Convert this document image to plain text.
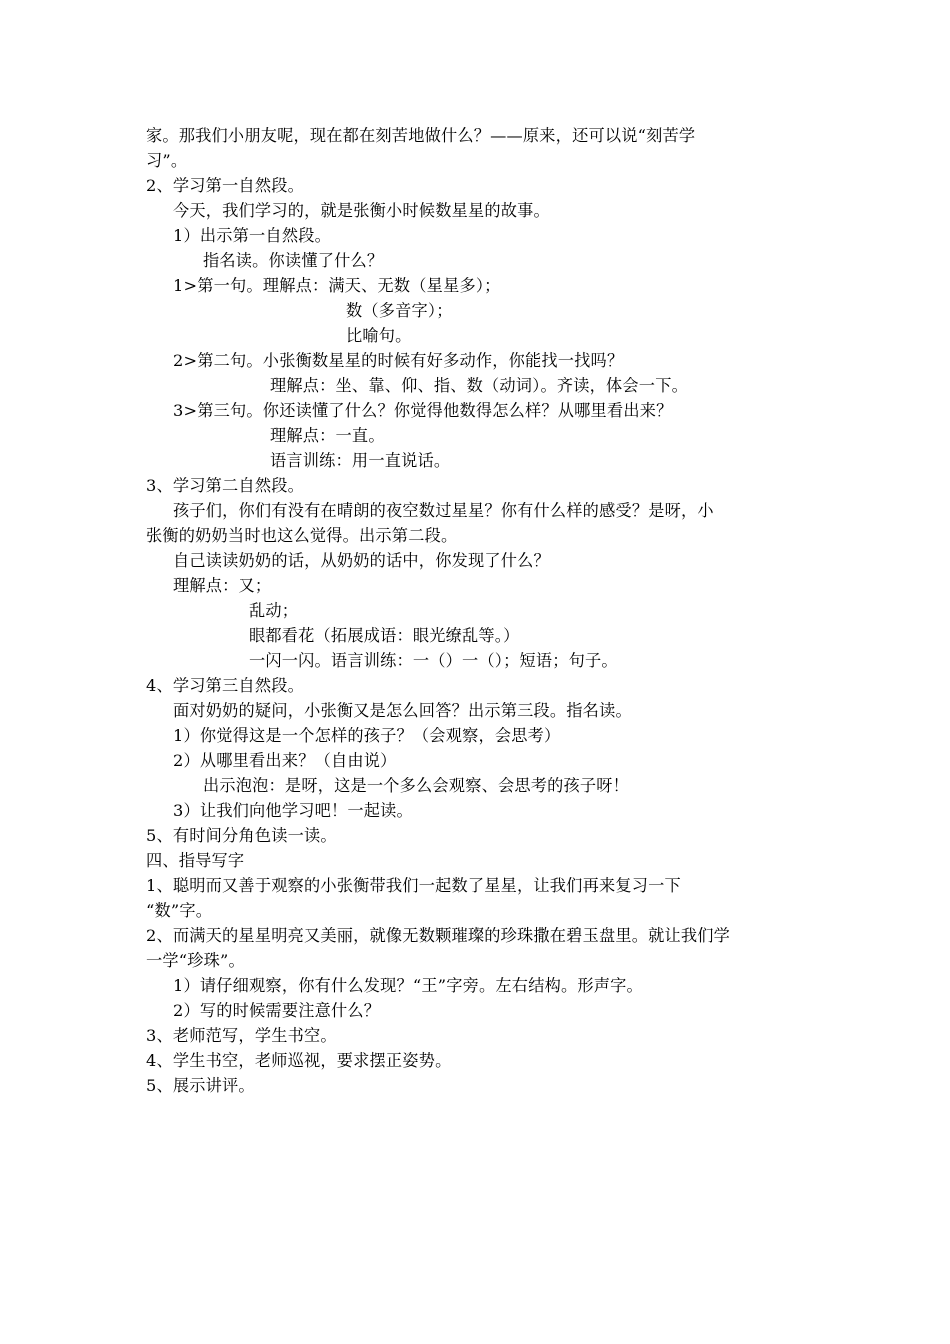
家。那我们小朋友呢，现在都在刻苦地做什么？——原来，还可以说“刻苦学
习”。
2、学习第一自然段。
今天，我们学习的，就是张衡小时候数星星的故事。
1）出示第一自然段。
指名读。你读懂了什么？
1>第一句。理解点：满天、无数（星星多）；
数（多音字）；
比喻句。
2>第二句。小张衡数星星的时候有好多动作，你能找一找吗？
理解点：坐、靠、仰、指、数（动词）。齐读，体会一下。
3>第三句。你还读懂了什么？你觉得他数得怎么样？从哪里看出来？
理解点：一直。
语言训练：用一直说话。
3、学习第二自然段。
孩子们，你们有没有在晴朗的夜空数过星星？你有什么样的感受？是呀，小
张衡的奶奶当时也这么觉得。出示第二段。
自己读读奶奶的话，从奶奶的话中，你发现了什么？
理解点：又；
乱动；
眼都看花（拓展成语：眼光缭乱等。）
一闪一闪。语言训练：一（）一（）；短语；句子。
4、学习第三自然段。
面对奶奶的疑问，小张衡又是怎么回答？出示第三段。指名读。
1）你觉得这是一个怎样的孩子？（会观察，会思考）
2）从哪里看出来？（自由说）
出示泡泡：是呀，这是一个多么会观察、会思考的孩子呀！
3）让我们向他学习吧！一起读。
5、有时间分角色读一读。
四、指导写字
1、聪明而又善于观察的小张衡带我们一起数了星星，让我们再来复习一下
“数”字。
2、而满天的星星明亮又美丽，就像无数颗璀璨的珍珠撒在碧玉盘里。就让我们学
一学“珍珠”。
1）请仔细观察，你有什么发现？“王”字旁。左右结构。形声字。
2）写的时候需要注意什么？
3、老师范写，学生书空。
4、学生书空，老师巡视，要求摆正姿势。
5、展示讲评。
